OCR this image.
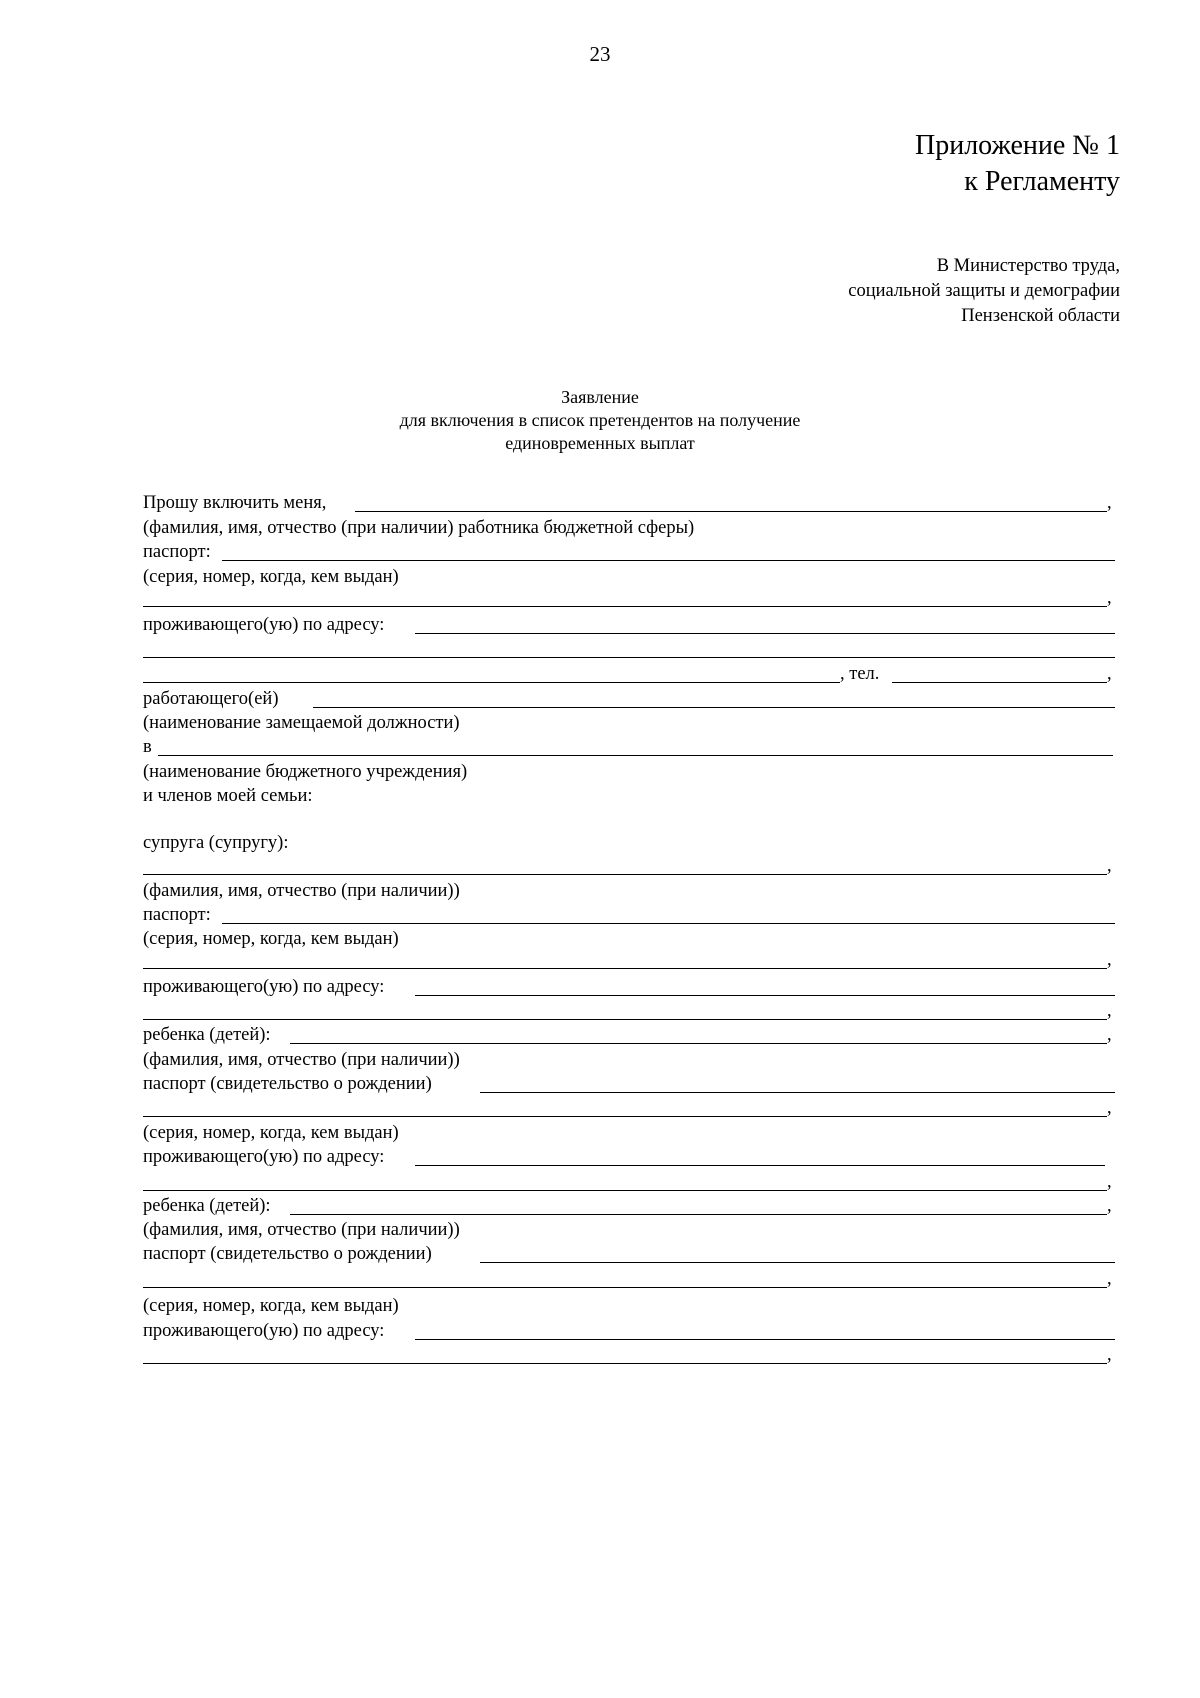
23
Приложение № 1
к Регламенту
В Министерство труда,
социальной защиты и демографии
Пензенской области
Заявление
для включения в список претендентов на получение
единовременных выплат
Прошу включить меня,	,
(фамилия, имя, отчество (при наличии) работника бюджетной сферы)
паспорт:
(серия, номер, когда, кем выдан)
,
проживающего(ую) по адресу:
, тел.	,
работающего(ей)
(наименование замещаемой должности)
в
(наименование бюджетного учреждения)
и членов моей семьи:
супруга (супругу):
,
(фамилия, имя, отчество (при наличии))
паспорт:
(серия, номер, когда, кем выдан)
,
проживающего(ую) по адресу:
,
ребенка (детей):	,
(фамилия, имя, отчество (при наличии))
паспорт (свидетельство о рождении)
,
(серия, номер, когда, кем выдан)
проживающего(ую) по адресу:
,
ребенка (детей):	,
(фамилия, имя, отчество (при наличии))
паспорт (свидетельство о рождении)
,
(серия, номер, когда, кем выдан)
проживающего(ую) по адресу:
,
